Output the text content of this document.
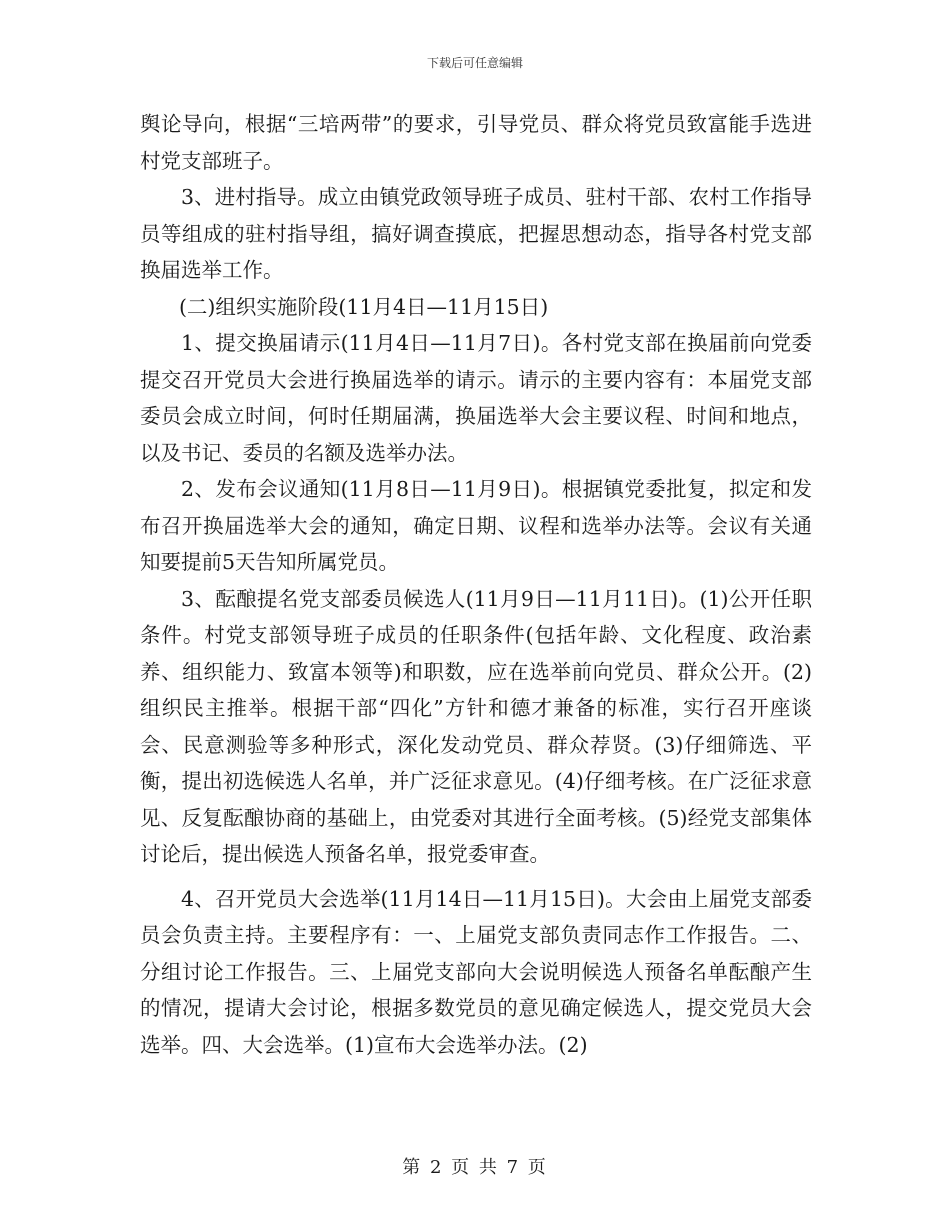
下载后可任意编辑

舆论导向，根据“三培两带”的要求，引导党员、群众将党员致富能手选进村党支部班子。

3、进村指导。成立由镇党政领导班子成员、驻村干部、农村工作指导员等组成的驻村指导组，搞好调查摸底，把握思想动态，指导各村党支部换届选举工作。

(二)组织实施阶段(11月4日—11月15日)

1、提交换届请示(11月4日—11月7日)。各村党支部在换届前向党委提交召开党员大会进行换届选举的请示。请示的主要内容有：本届党支部委员会成立时间，何时任期届满，换届选举大会主要议程、时间和地点，以及书记、委员的名额及选举办法。

2、发布会议通知(11月8日—11月9日)。根据镇党委批复，拟定和发布召开换届选举大会的通知，确定日期、议程和选举办法等。会议有关通知要提前5天告知所属党员。

3、酝酿提名党支部委员候选人(11月9日—11月11日)。(1)公开任职条件。村党支部领导班子成员的任职条件(包括年龄、文化程度、政治素养、组织能力、致富本领等)和职数，应在选举前向党员、群众公开。(2)组织民主推举。根据干部“四化”方针和德才兼备的标准，实行召开座谈会、民意测验等多种形式，深化发动党员、群众荐贤。(3)仔细筛选、平衡，提出初选候选人名单，并广泛征求意见。(4)仔细考核。在广泛征求意见、反复酝酿协商的基础上，由党委对其进行全面考核。(5)经党支部集体讨论后，提出候选人预备名单，报党委审查。

4、召开党员大会选举(11月14日—11月15日)。大会由上届党支部委员会负责主持。主要程序有：一、上届党支部负责同志作工作报告。二、分组讨论工作报告。三、上届党支部向大会说明候选人预备名单酝酿产生的情况，提请大会讨论，根据多数党员的意见确定候选人，提交党员大会选举。四、大会选举。(1)宣布大会选举办法。(2)

第 2 页 共 7 页
